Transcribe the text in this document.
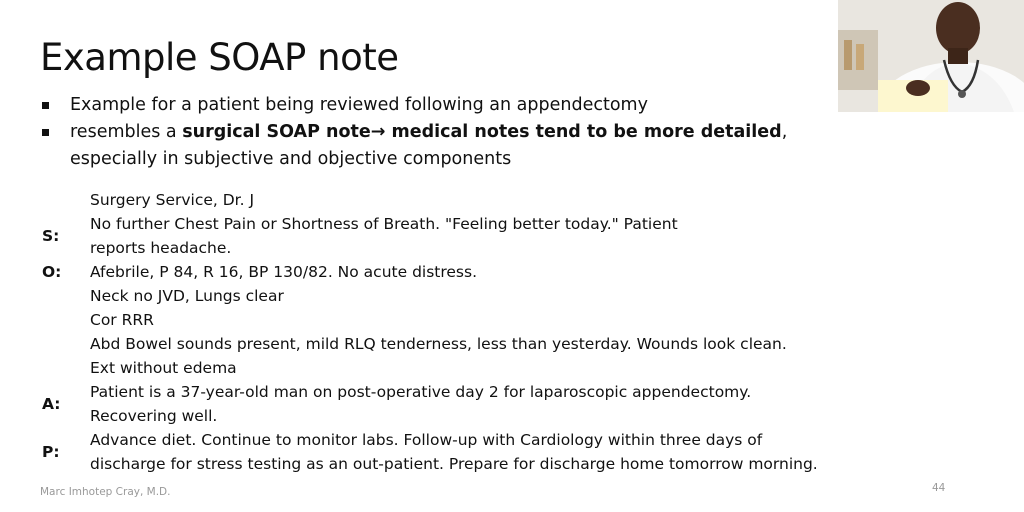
Example SOAP note
Example for a patient being reviewed following an appendectomy
resembles a surgical SOAP note→ medical notes tend to be more detailed,
especially in subjective and objective components
Surgery Service, Dr. J
S:
No further Chest Pain or Shortness of Breath. "Feeling better today." Patient
reports headache.
O:	Afebrile, P 84, R 16, BP 130/82. No acute distress.
Neck no JVD, Lungs clear
Cor RRR
Abd Bowel sounds present, mild RLQ tenderness, less than yesterday. Wounds look clean.
Ext without edema
A:
Patient is a 37-year-old man on post-operative day 2 for laparoscopic appendectomy.
Recovering well.
P:
Advance diet. Continue to monitor labs. Follow-up with Cardiology within three days of
discharge for stress testing as an out-patient. Prepare for discharge home tomorrow morning.
Marc Imhotep Cray, M.D.	44
